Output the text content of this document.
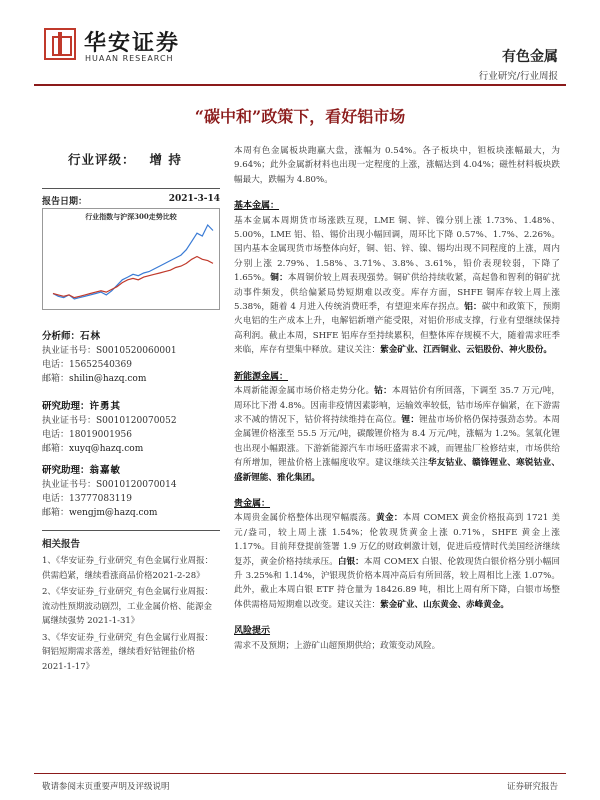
华安证券
HUAAN RESEARCH	有色金属
行业研究/行业周报
“碳中和”政策下，看好铝市场
行业评级： 增 持
报告日期：	2021-3-14
行业指数与沪深300走势比较
分析师：石林
执业证书号：S0010520060001
电话：15652540369
邮箱：shilin@hazq.com
研究助理：许勇其
执业证书号：S0010120070052
电话：18019001956
邮箱：xuyq@hazq.com
研究助理：翁嘉敏
执业证书号：S0010120070014
电话：13777083119
邮箱：wengjm@hazq.com
相关报告
1、《华安证券_行业研究_有色金属行业周报：供需趋紧，继续看涨商品价格2021-2-28》
2、《华安证券_行业研究_有色金属行业周报：流动性预期波动剧烈，工业金属价格、能源金属继续强势 2021-1-31》
3、《华安证券_行业研究_有色金属行业周报：铜铝短期需求落差，继续看好钴锂盐价格 2021-1-17》

本周有色金属板块跑赢大盘，涨幅为 0.54%。各子板块中，钽板块涨幅最大，为 9.64%；此外金属新材料也出现一定程度的上涨，涨幅达到 4.04%；磁性材料板块跌幅最大，跌幅为 4.80%。

基本金属：

基本金属本周期货市场涨跌互现，LME 铜、锌、镍分别上涨 1.73%、1.48%、5.00%，LME 铝、铅、锡价出现小幅回调，周环比下降 0.57%、1.7%、2.26%。国内基本金属现货市场整体向好，铜、铝、锌、镍、锡均出现不同程度的上涨，周内分别上涨 2.79%、1.58%、3.71%、3.8%、3.61%，铅价表现较弱，下降了 1.65%。铜：本周铜价较上周表现强势。铜矿供给持续收紧，高起鲁和智利的铜矿扰动事件频发，供给偏紧局势短期难以改变。库存方面，SHFE 铜库存较上周上涨 5.38%，随着 4 月进入传统消费旺季，有望迎来库存拐点。铝：碳中和政策下，预期火电铝的生产成本上升，电解铝新增产能受限，对铝价形成支撑，行业有望继续保持高利润。截止本周，SHFE 铝库存至持续累积，但整体库存规模不大，随着需求旺季来临，库存有望集中释放。建议关注：紫金矿业、江西铜业、云铝股份、神火股份。

新能源金属：

本周新能源金属市场价格走势分化。钴：本周钴价有所回落，下调至 35.7 万元/吨，周环比下滑 4.8%。因南非疫情因素影响，运输效率较低，钴市场库存偏紧，在下游需求不减的情况下，钴价将持续维持在高位。锂：锂盐市场价格仍保持强劲态势。本周金属锂价格涨至 55.5 万元/吨，碳酸锂价格为 8.4 万元/吨，涨幅为 1.2%。氢氧化锂也出现小幅跟涨。下游新能源汽车市场旺盛需求不减，而锂盐厂检修结束，市场供给有所增加，锂盐价格上涨幅度收窄。建议继续关注华友钴业、赣锋锂业、寒锐钴业、盛新锂能、雅化集团。

贵金属：

本周贵金属价格整体出现窄幅震荡。黄金：本周 COMEX 黄金价格报高到 1721 美元/盎司，较上周上涨 1.54%；伦敦现货黄金上涨 0.71%，SHFE 黄金上涨 1.17%。目前拜登提前签署 1.9 万亿的财政刺激计划，促进后疫情时代美国经济继续复苏，黄金价格持续承压。白银：本周 COMEX 白银、伦敦现货白银价格分别小幅回升 3.25%和 1.14%，沪银现货价格本周冲高后有所回落，较上周相比上涨 1.07%。此外，截止本周白银 ETF 持仓量为 18426.89 吨，相比上周有所下降，白银市场整体供需格局短期难以改变。建议关注：紫金矿业、山东黄金、赤峰黄金。

风险提示

需求不及预期；上游矿山超预期供给；政策变动风险。

敬请参阅末页重要声明及评级说明	证券研究报告
